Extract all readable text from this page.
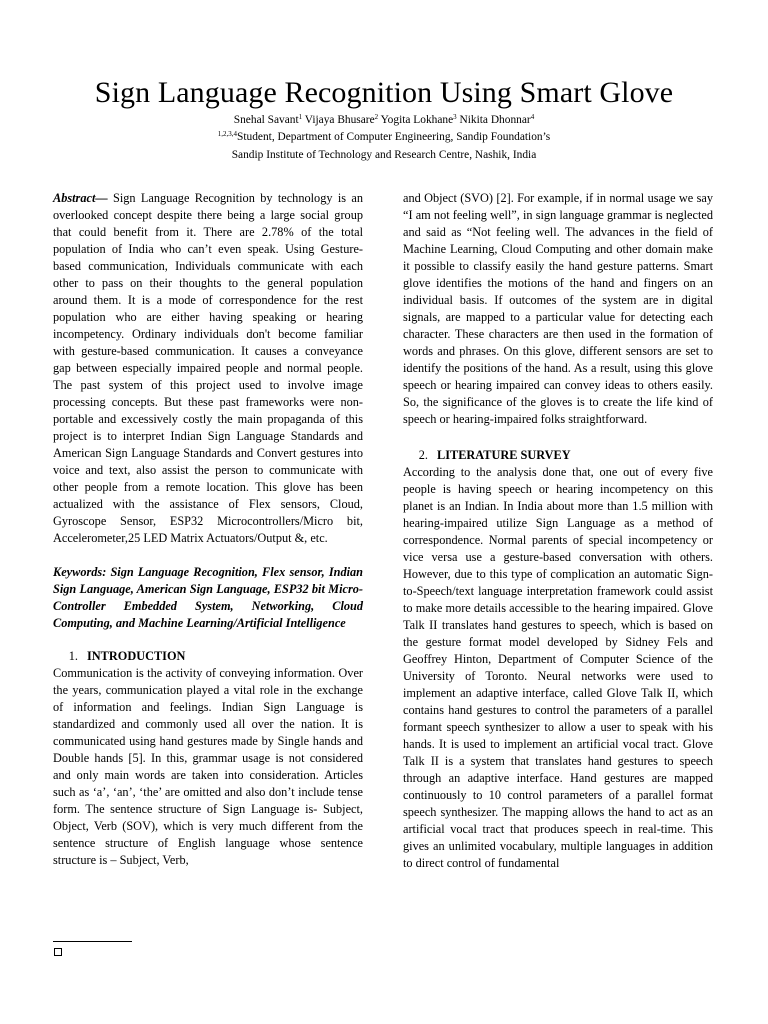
Sign Language Recognition Using Smart Glove
Snehal Savant$^1$ Vijaya Bhusare$^2$ Yogita Lokhane$^3$ Nikita Dhonnar$^4$
$^{1,2,3,4}$Student, Department of Computer Engineering, Sandip Foundation’s
Sandip Institute of Technology and Research Centre, Nashik, India

Abstract— Sign Language Recognition by technology is an overlooked concept despite there being a large social group that could benefit from it. There are 2.78% of the total population of India who can’t even speak. Using Gesture-based communication, Individuals communicate with each other to pass on their thoughts to the general population around them. It is a mode of correspondence for the rest population who are either having speaking or hearing incompetency. Ordinary individuals don't become familiar with gesture-based communication. It causes a conveyance gap between especially impaired people and normal people. The past system of this project used to involve image processing concepts. But these past frameworks were non-portable and excessively costly the main propaganda of this project is to interpret Indian Sign Language Standards and American Sign Language Standards and Convert gestures into voice and text, also assist the person to communicate with other people from a remote location. This glove has been actualized with the assistance of Flex sensors, Cloud, Gyroscope Sensor, ESP32 Microcontrollers/Micro bit, Accelerometer,25 LED Matrix Actuators/Output &, etc.

Keywords: Sign Language Recognition, Flex sensor, Indian Sign Language, American Sign Language, ESP32 bit Micro-Controller Embedded System, Networking, Cloud Computing, and Machine Learning/Artificial Intelligence

1. INTRODUCTION

Communication is the activity of conveying information. Over the years, communication played a vital role in the exchange of information and feelings. Indian Sign Language is standardized and commonly used all over the nation. It is communicated using hand gestures made by Single hands and Double hands [5]. In this, grammar usage is not considered and only main words are taken into consideration. Articles such as ‘a’, ‘an’, ‘the’ are omitted and also don’t include tense form. The sentence structure of Sign Language is- Subject, Object, Verb (SOV), which is very much different from the sentence structure of English language whose sentence structure is – Subject, Verb,

and Object (SVO) [2]. For example, if in normal usage we say “I am not feeling well”, in sign language grammar is neglected and said as “Not feeling well. The advances in the field of Machine Learning, Cloud Computing and other domain make it possible to classify easily the hand gesture patterns. Smart glove identifies the motions of the hand and fingers on an individual basis. If outcomes of the system are in digital signals, are mapped to a particular value for detecting each character. These characters are then used in the formation of words and phrases. On this glove, different sensors are set to identify the positions of the hand. As a result, using this glove speech or hearing impaired can convey ideas to others easily. So, the significance of the gloves is to create the life kind of speech or hearing-impaired folks straightforward.

2. LITERATURE SURVEY

According to the analysis done that, one out of every five people is having speech or hearing incompetency on this planet is an Indian. In India about more than 1.5 million with hearing-impaired utilize Sign Language as a method of correspondence. Normal parents of special incompetency or vice versa use a gesture-based conversation with others. However, due to this type of complication an automatic Sign-to-Speech/text language interpretation framework could assist to make more details accessible to the hearing impaired. Glove Talk II translates hand gestures to speech, which is based on the gesture format model developed by Sidney Fels and Geoffrey Hinton, Department of Computer Science of the University of Toronto. Neural networks were used to implement an adaptive interface, called Glove Talk II, which contains hand gestures to control the parameters of a parallel formant speech synthesizer to allow a user to speak with his hands. It is used to implement an artificial vocal tract. Glove Talk II is a system that translates hand gestures to speech through an adaptive interface. Hand gestures are mapped continuously to 10 control parameters of a parallel format speech synthesizer. The mapping allows the hand to act as an artificial vocal tract that produces speech in real-time. This gives an unlimited vocabulary, multiple languages in addition to direct control of fundamental
